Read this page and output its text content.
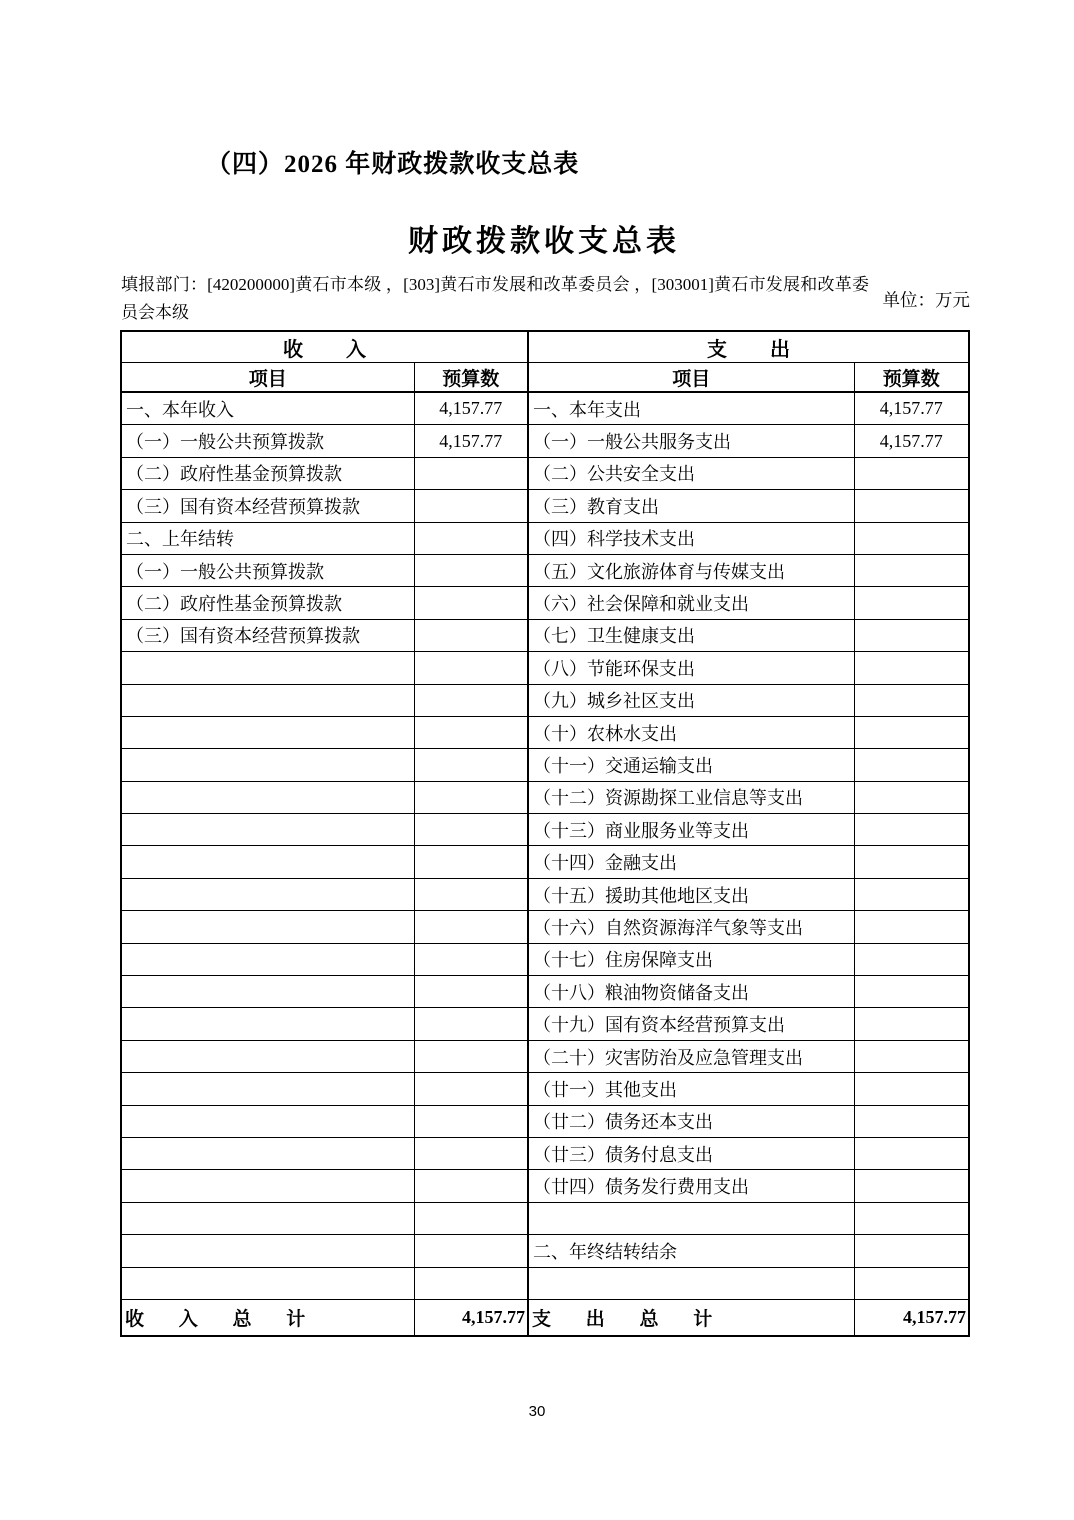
（四）2026 年财政拨款收支总表
财政拨款收支总表
填报部门：[420200000]黄石市本级 ，[303]黄石市发展和改革委员会 ，[303001]黄石市发展和改革委员会本级
单位：万元
收 入		支 出	
项目	预算数	项目	预算数
一、本年收入	4,157.77	一、本年支出	4,157.77
（一）一般公共预算拨款	4,157.77	（一）一般公共服务支出	4,157.77
（二）政府性基金预算拨款		（二）公共安全支出	
（三）国有资本经营预算拨款		（三）教育支出	
二、上年结转		（四）科学技术支出	
（一）一般公共预算拨款		（五）文化旅游体育与传媒支出	
（二）政府性基金预算拨款		（六）社会保障和就业支出	
（三）国有资本经营预算拨款		（七）卫生健康支出	
		（八）节能环保支出	
		（九）城乡社区支出	
		（十）农林水支出	
		（十一）交通运输支出	
		（十二）资源勘探工业信息等支出	
		（十三）商业服务业等支出	
		（十四）金融支出	
		（十五）援助其他地区支出	
		（十六）自然资源海洋气象等支出	
		（十七）住房保障支出	
		（十八）粮油物资储备支出	
		（十九）国有资本经营预算支出	
		（二十）灾害防治及应急管理支出	
		（廿一）其他支出	
		（廿二）债务还本支出	
		（廿三）债务付息支出	
		（廿四）债务发行费用支出	

		二、年终结转结余	

收 入 总 计	4,157.77	支 出 总 计	4,157.77
30
